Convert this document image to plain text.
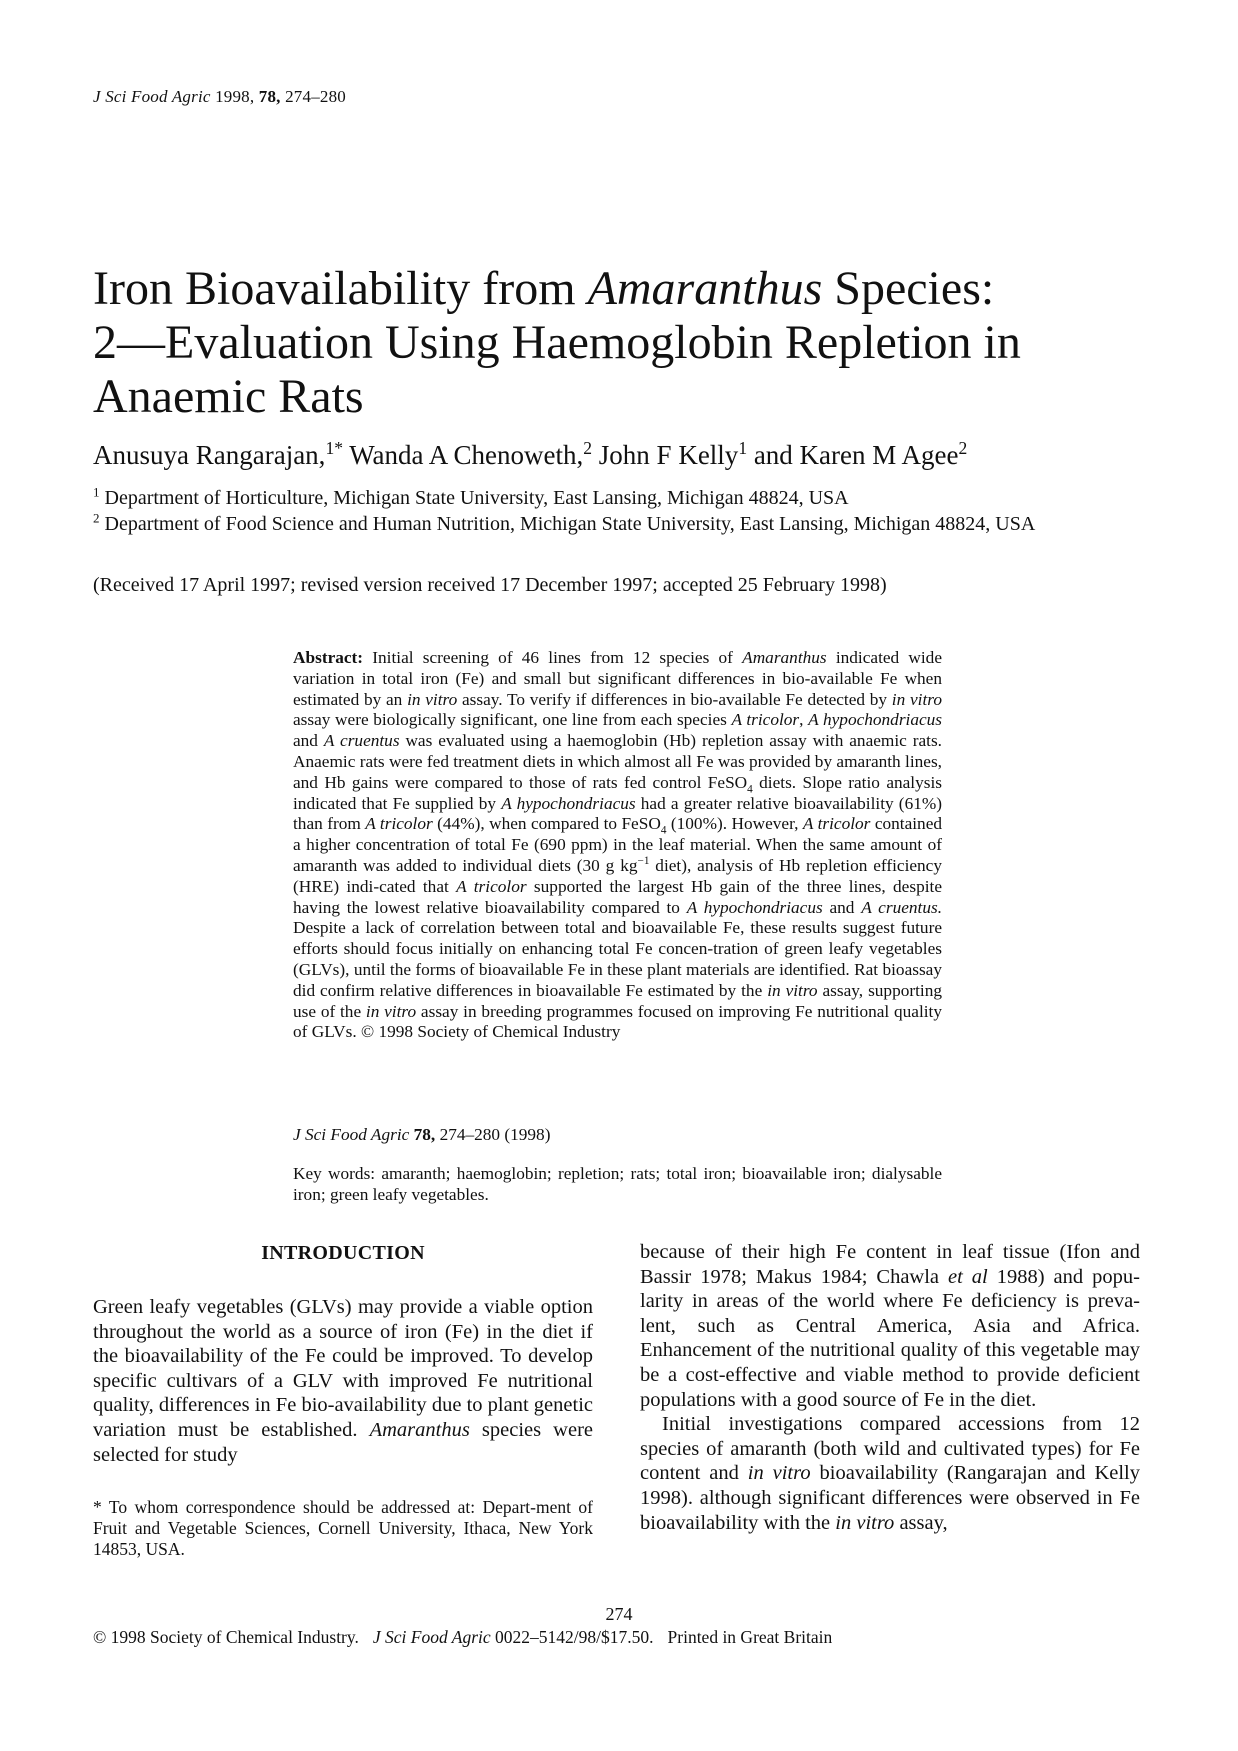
J Sci Food Agric 1998, 78, 274–280
Iron Bioavailability from Amaranthus Species:
2—Evaluation Using Haemoglobin Repletion in
Anaemic Rats
Anusuya Rangarajan,$^{1*}$ Wanda A Chenoweth,$^2$ John F Kelly$^1$ and Karen M Agee$^2$
$^1$ Department of Horticulture, Michigan State University, East Lansing, Michigan 48824, USA
$^2$ Department of Food Science and Human Nutrition, Michigan State University, East Lansing, Michigan 48824, USA
(Received 17 April 1997; revised version received 17 December 1997; accepted 25 February 1998)
Abstract: Initial screening of 46 lines from 12 species of Amaranthus indicated wide variation in total iron (Fe) and small but significant differences in bio-available Fe when estimated by an in vitro assay. To verify if differences in bio-available Fe detected by in vitro assay were biologically significant, one line from each species A tricolor, A hypochondriacus and A cruentus was evaluated using a haemoglobin (Hb) repletion assay with anaemic rats. Anaemic rats were fed treatment diets in which almost all Fe was provided by amaranth lines, and Hb gains were compared to those of rats fed control FeSO$_4$ diets. Slope ratio analysis indicated that Fe supplied by A hypochondriacus had a greater relative bioavailability (61%) than from A tricolor (44%), when compared to FeSO$_4$ (100%). However, A tricolor contained a higher concentration of total Fe (690 ppm) in the leaf material. When the same amount of amaranth was added to individual diets (30 g $kg^{-1}$ diet), analysis of Hb repletion efficiency (HRE) indi-cated that A tricolor supported the largest Hb gain of the three lines, despite having the lowest relative bioavailability compared to A hypochondriacus and A cruentus. Despite a lack of correlation between total and bioavailable Fe, these results suggest future efforts should focus initially on enhancing total Fe concen-tration of green leafy vegetables (GLVs), until the forms of bioavailable Fe in these plant materials are identified. Rat bioassay did confirm relative differences in bioavailable Fe estimated by the in vitro assay, supporting use of the in vitro assay in breeding programmes focused on improving Fe nutritional quality of GLVs. © 1998 Society of Chemical Industry
J Sci Food Agric 78, 274–280 (1998)
Key words: amaranth; haemoglobin; repletion; rats; total iron; bioavailable iron; dialysable iron; green leafy vegetables.
INTRODUCTION
Green leafy vegetables (GLVs) may provide a viable option throughout the world as a source of iron (Fe) in the diet if the bioavailability of the Fe could be improved. To develop specific cultivars of a GLV with improved Fe nutritional quality, differences in Fe bio-availability due to plant genetic variation must be established. Amaranthus species were selected for study
* To whom correspondence should be addressed at: Depart-ment of Fruit and Vegetable Sciences, Cornell University, Ithaca, New York 14853, USA.

because of their high Fe content in leaf tissue (Ifon and Bassir 1978; Makus 1984; Chawla et al 1988) and popu-larity in areas of the world where Fe deficiency is preva-lent, such as Central America, Asia and Africa. Enhancement of the nutritional quality of this vegetable may be a cost-effective and viable method to provide deficient populations with a good source of Fe in the diet.

Initial investigations compared accessions from 12 species of amaranth (both wild and cultivated types) for Fe content and in vitro bioavailability (Rangarajan and Kelly 1998). although significant differences were observed in Fe bioavailability with the in vitro assay,

274
© 1998 Society of Chemical Industry. J Sci Food Agric 0022–5142/98/$17.50. Printed in Great Britain
